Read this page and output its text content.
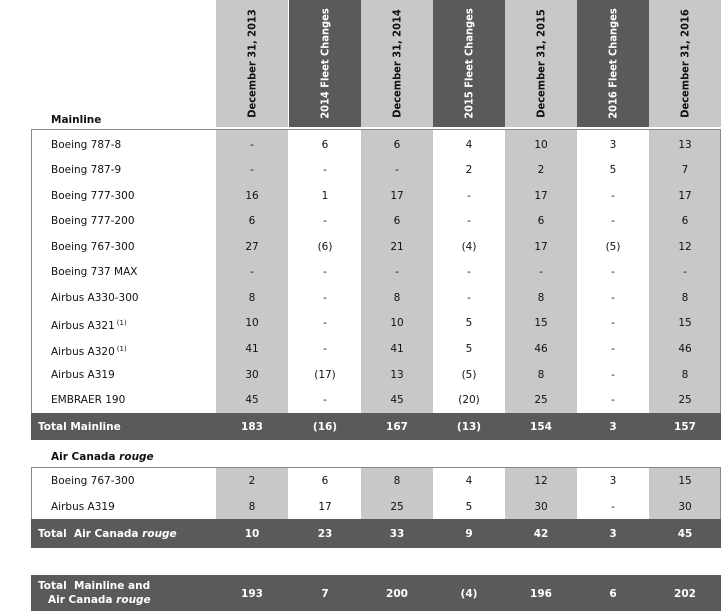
December 31, 2013	2014 Fleet Changes	December 31, 2014	2015 Fleet Changes	December 31, 2015	2016 Fleet Changes	December 31, 2016
Mainline
Boeing 787-8	-	6	6	4	10	3	13
Boeing 787-9	-	-	-	2	2	5	7
Boeing 777-300	16	1	17	-	17	-	17
Boeing 777-200	6	-	6	-	6	-	6
Boeing 767-300	27	(6)	21	(4)	17	(5)	12
Boeing 737 MAX	-	-	-	-	-	-	-
Airbus A330-300	8	-	8	-	8	-	8
Airbus A321 $^{(1)}$	10	-	10	5	15	-	15
Airbus A320 $^{(1)}$	41	-	41	5	46	-	46
Airbus A319	30	(17)	13	(5)	8	-	8
EMBRAER 190	45	-	45	(20)	25	-	25
Total Mainline	183	(16)	167	(13)	154	3	157
Air Canada rouge
Boeing 767-300	2	6	8	4	12	3	15
Airbus A319	8	17	25	5	30	-	30
Total  Air Canada rouge	10	23	33	9	42	3	45
Total  Mainline and
Air Canada rouge	193	7	200	(4)	196	6	202
